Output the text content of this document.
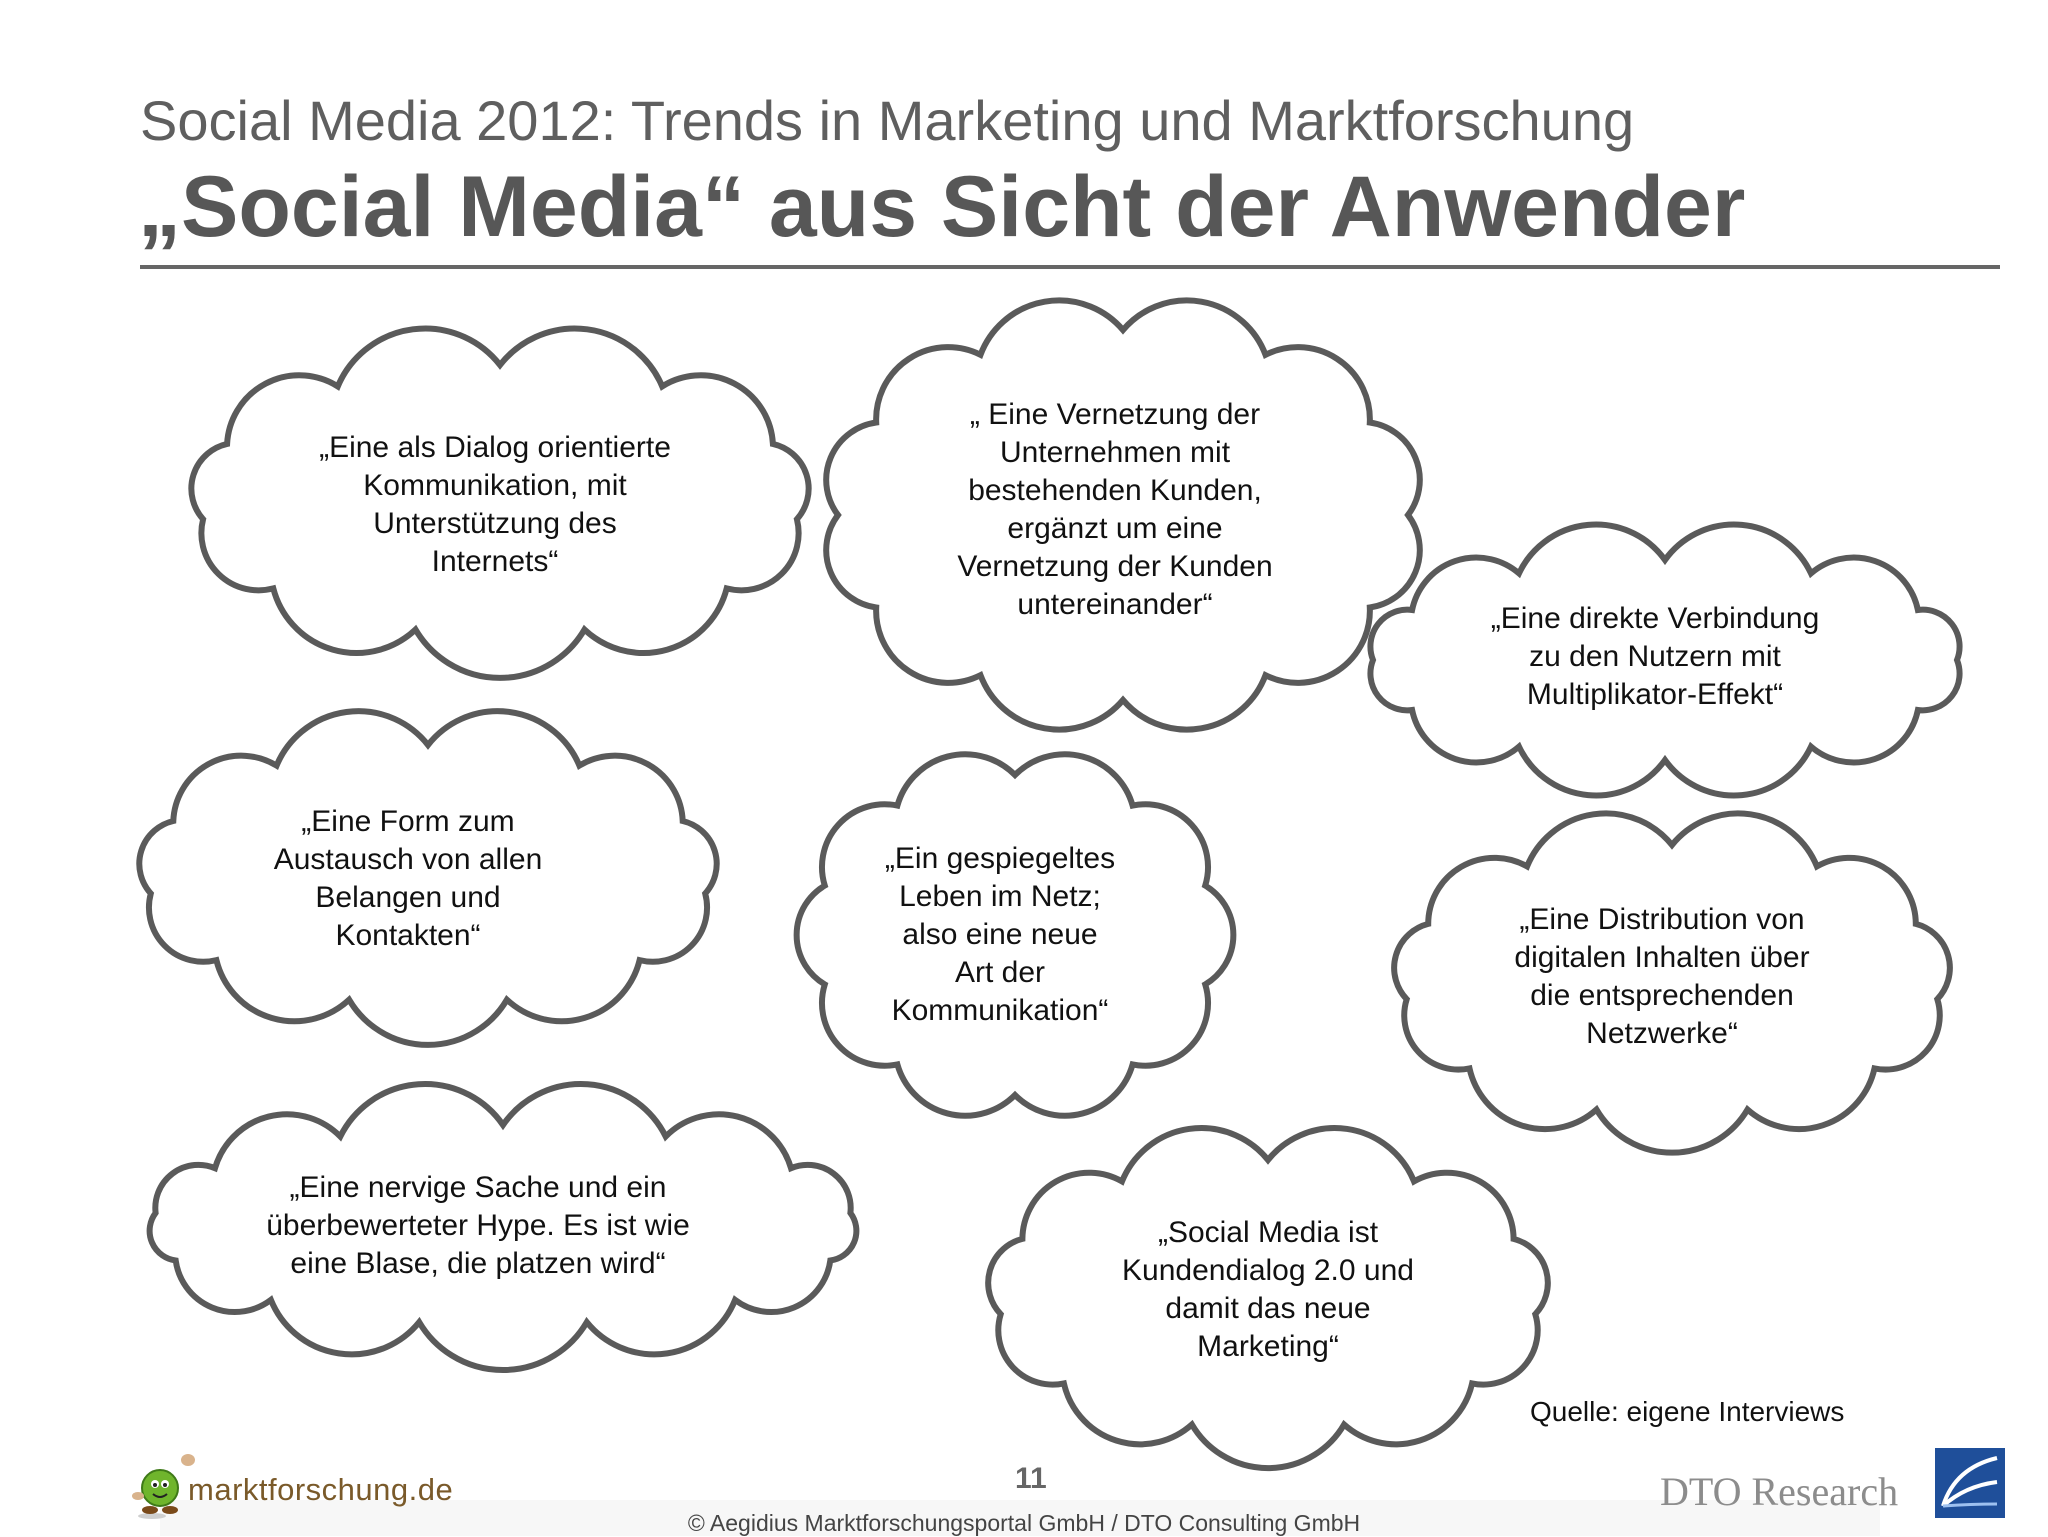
Social Media 2012: Trends in Marketing und Marktforschung
„Social Media“ aus Sicht der Anwender
„Eine als Dialog orientierte
Kommunikation, mit
Unterstützung des
Internets“
„ Eine Vernetzung der
Unternehmen mit
bestehenden Kunden,
ergänzt um eine
Vernetzung der Kunden
untereinander“	„Eine direkte Verbindung
zu den Nutzern mit
Multiplikator-Effekt“
„Eine Form zum
Austausch von allen
Belangen und
Kontakten“
„Ein gespiegeltes
Leben im Netz;
also eine neue
Art der
Kommunikation“
„Eine Distribution von
digitalen Inhalten über
die entsprechenden
Netzwerke“
„Eine nervige Sache und ein
überbewerteter Hype. Es ist wie
eine Blase, die platzen wird“
„Social Media ist
Kundendialog 2.0 und
damit das neue
Marketing“
Quelle: eigene Interviews
11
© Aegidius Marktforschungsportal GmbH / DTO Consulting GmbH
marktforschung.de	DTO Research
